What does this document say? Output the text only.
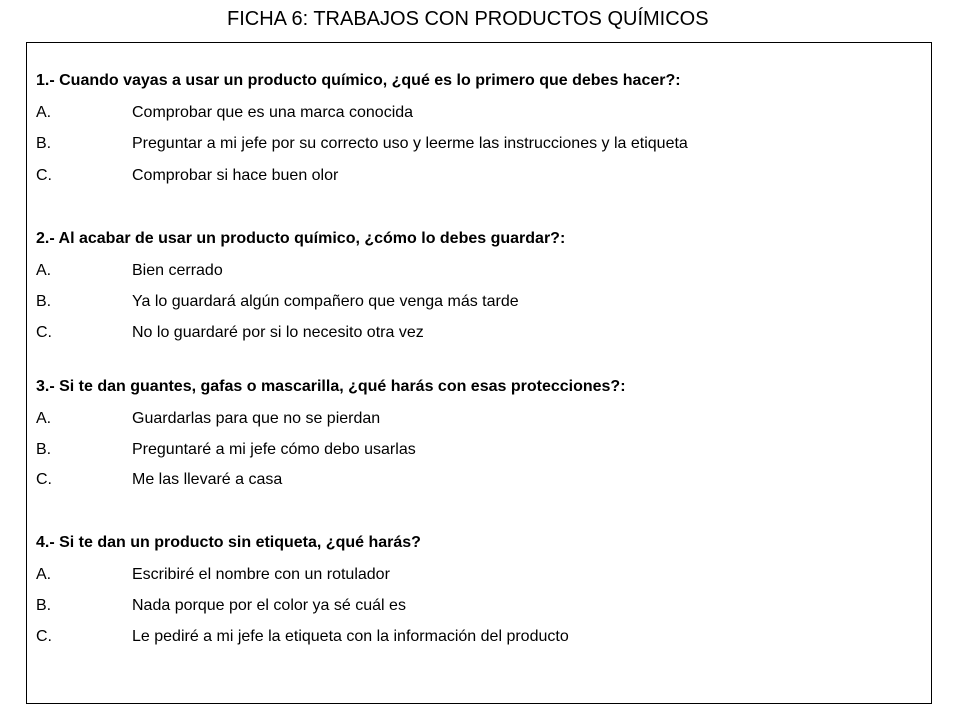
FICHA 6: TRABAJOS CON PRODUCTOS QUÍMICOS
1.- Cuando vayas a usar un producto químico, ¿qué es lo primero que debes hacer?:
A.	Comprobar que es una marca conocida
B.	Preguntar a mi jefe por su correcto uso y leerme las instrucciones y la etiqueta
C.	Comprobar si hace buen olor
2.- Al acabar de usar un producto químico, ¿cómo lo debes guardar?:
A.	Bien cerrado
B.	Ya lo guardará algún compañero que venga más tarde
C.	No lo guardaré por si lo necesito otra vez
3.- Si te dan guantes, gafas o mascarilla, ¿qué harás con esas protecciones?:
A.	Guardarlas para que no se pierdan
B.	Preguntaré a mi jefe cómo debo usarlas
C.	Me las llevaré a casa
4.- Si te dan un producto sin etiqueta, ¿qué harás?
A.	Escribiré el nombre con un rotulador
B.	Nada porque por el color ya sé cuál es
C.	Le pediré a mi jefe la etiqueta con la información del producto
